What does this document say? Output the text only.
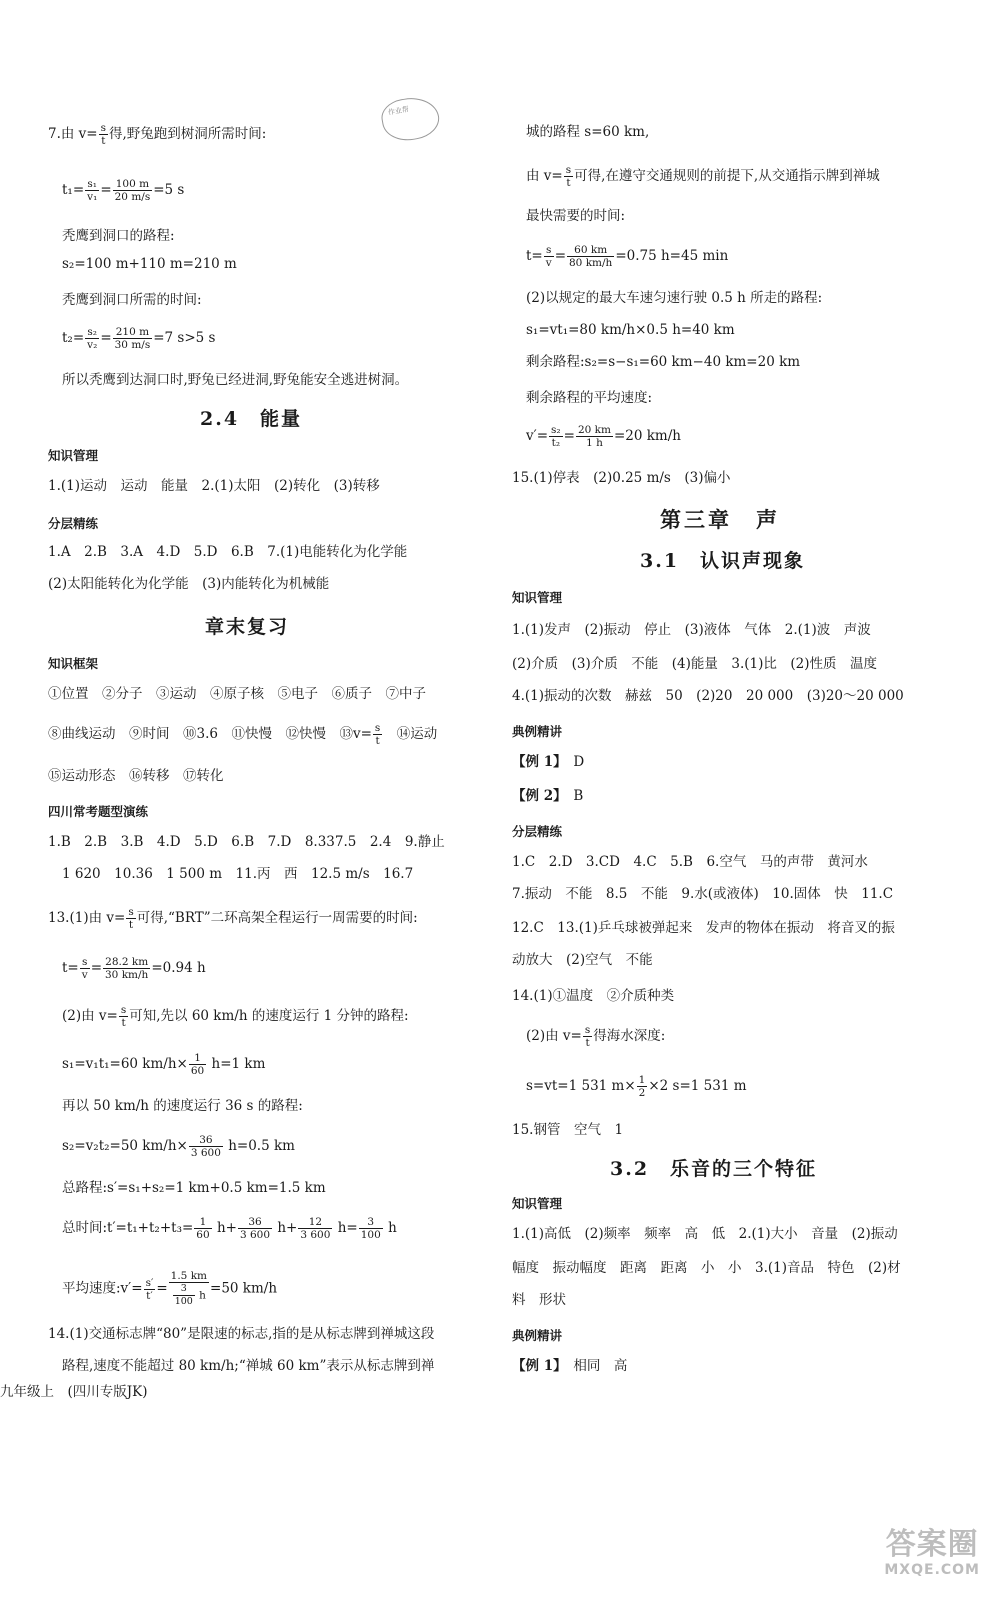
作业帮
7.由 $v= \frac{s}{t}$ 得,野兔跑到树洞所需时间:
$t_1= \frac{\text{s₁}}{\text{v₁}} = \frac{100 m}{20 m/s} =5$ s
秃鹰到洞口的路程:
s₂=100 m+110 m=210 m
秃鹰到洞口所需的时间:
$t_2= \frac{\text{s₂}}{\text{v₂}} = \frac{210 m}{30 m/s} =7$ s>5 s
所以秃鹰到达洞口时,野兔已经进洞,野兔能安全逃进树洞。
2.4　能量
知识管理
1.(1)运动　运动　能量　2.(1)太阳　(2)转化　(3)转移
分层精练
1.A　2.B　3.A　4.D　5.D　6.B　7.(1)电能转化为化学能
(2)太阳能转化为化学能　(3)内能转化为机械能
章末复习
知识框架
①位置　②分子　③运动　④原子核　⑤电子　⑥质子　⑦中子
⑧曲线运动　⑨时间　⑩3.6　⑪快慢　⑫快慢　⑬v= $\frac{s}{t}$ 　⑭运动
⑮运动形态　⑯转移　⑰转化
四川常考题型演练
1.B　2.B　3.B　4.D　5.D　6.B　7.D　8.337.5　2.4　9.静止
1 620　10.36　1 500 m　11.丙　西　12.5 m/s　16.7
13.(1)由 $v= \frac{s}{t}$ 可得,“BRT”二环高架全程运行一周需要的时间:
$t= \frac{s}{v} = \frac{28.2 km}{30 km/h} =0.94$ h
(2)由 $v= \frac{s}{t}$ 可知,先以 60 km/h 的速度运行 1 分钟的路程:
s₁=v₁t₁=60 $km/h\times \frac{1}{60} h=1$ km
再以 50 km/h 的速度运行 36 s 的路程:
s₂=v₂t₂=50 $km/h\times \frac{36}{3 600} h=0.5$ km
总路程:s′=s₁+s₂=1 km+0.5 km=1.5 km
总时间:t′=t₁+t₂+t₃= $\frac{1}{60} h+ \frac{36}{3 600} h+ \frac{12}{3 600} h= \frac{3}{100}$ h
平均速度:v′= $\frac{s'}{t'} = \frac{1.5 km}{\frac{3}{100} h} =50$ km/h
14.(1)交通标志牌“80”是限速的标志,指的是从标志牌到禅城这段
路程,速度不能超过 80 km/h;“禅城 60 km”表示从标志牌到禅
九年级上　(四川专版JK)
城的路程 s=60 km,
由 $v= \frac{s}{t}$ 可得,在遵守交通规则的前提下,从交通指示牌到禅城
最快需要的时间:
$t= \frac{s}{v} = \frac{60 km}{80 km/h} =0.75$ h=45 min
(2)以规定的最大车速匀速行驶 0.5 h 所走的路程:
s₁=vt₁=80 km/h×0.5 h=40 km
剩余路程:s₂=s−s₁=60 km−40 km=20 km
剩余路程的平均速度:
$v'= \frac{\text{s₂}}{\text{t₂}} = \frac{20 km}{1 h} =20$ km/h
15.(1)停表　(2)0.25 m/s　(3)偏小
第三章　声
3.1　认识声现象
知识管理
1.(1)发声　(2)振动　停止　(3)液体　气体　2.(1)波　声波
(2)介质　(3)介质　不能　(4)能量　3.(1)比　(2)性质　温度
4.(1)振动的次数　赫兹　50　(2)20　20 000　(3)20～20 000
典例精讲
【例 1】　 D
【例 2】　 B
分层精练
1.C　2.D　3.CD　4.C　5.B　6.空气　马的声带　黄河水
7.振动　不能　8.5　不能　9.水(或液体)　10.固体　快　11.C
12.C　13.(1)乒乓球被弹起来　发声的物体在振动　将音叉的振
动放大　(2)空气　不能
14.(1)①温度　②介质种类
(2)由 $v= \frac{s}{t}$ 得海水深度:
s=vt=1 531 $m\times \frac{1}{2} \times 2$ s=1 531 m
15.钢管　空气　1
3.2　乐音的三个特征
知识管理
1.(1)高低　(2)频率　频率　高　低　2.(1)大小　音量　(2)振动
幅度　振动幅度　距离　距离　小　小　3.(1)音品　特色　(2)材
料　形状
典例精讲
【例 1】　 相同　高
答案圈
MXQE.COM
